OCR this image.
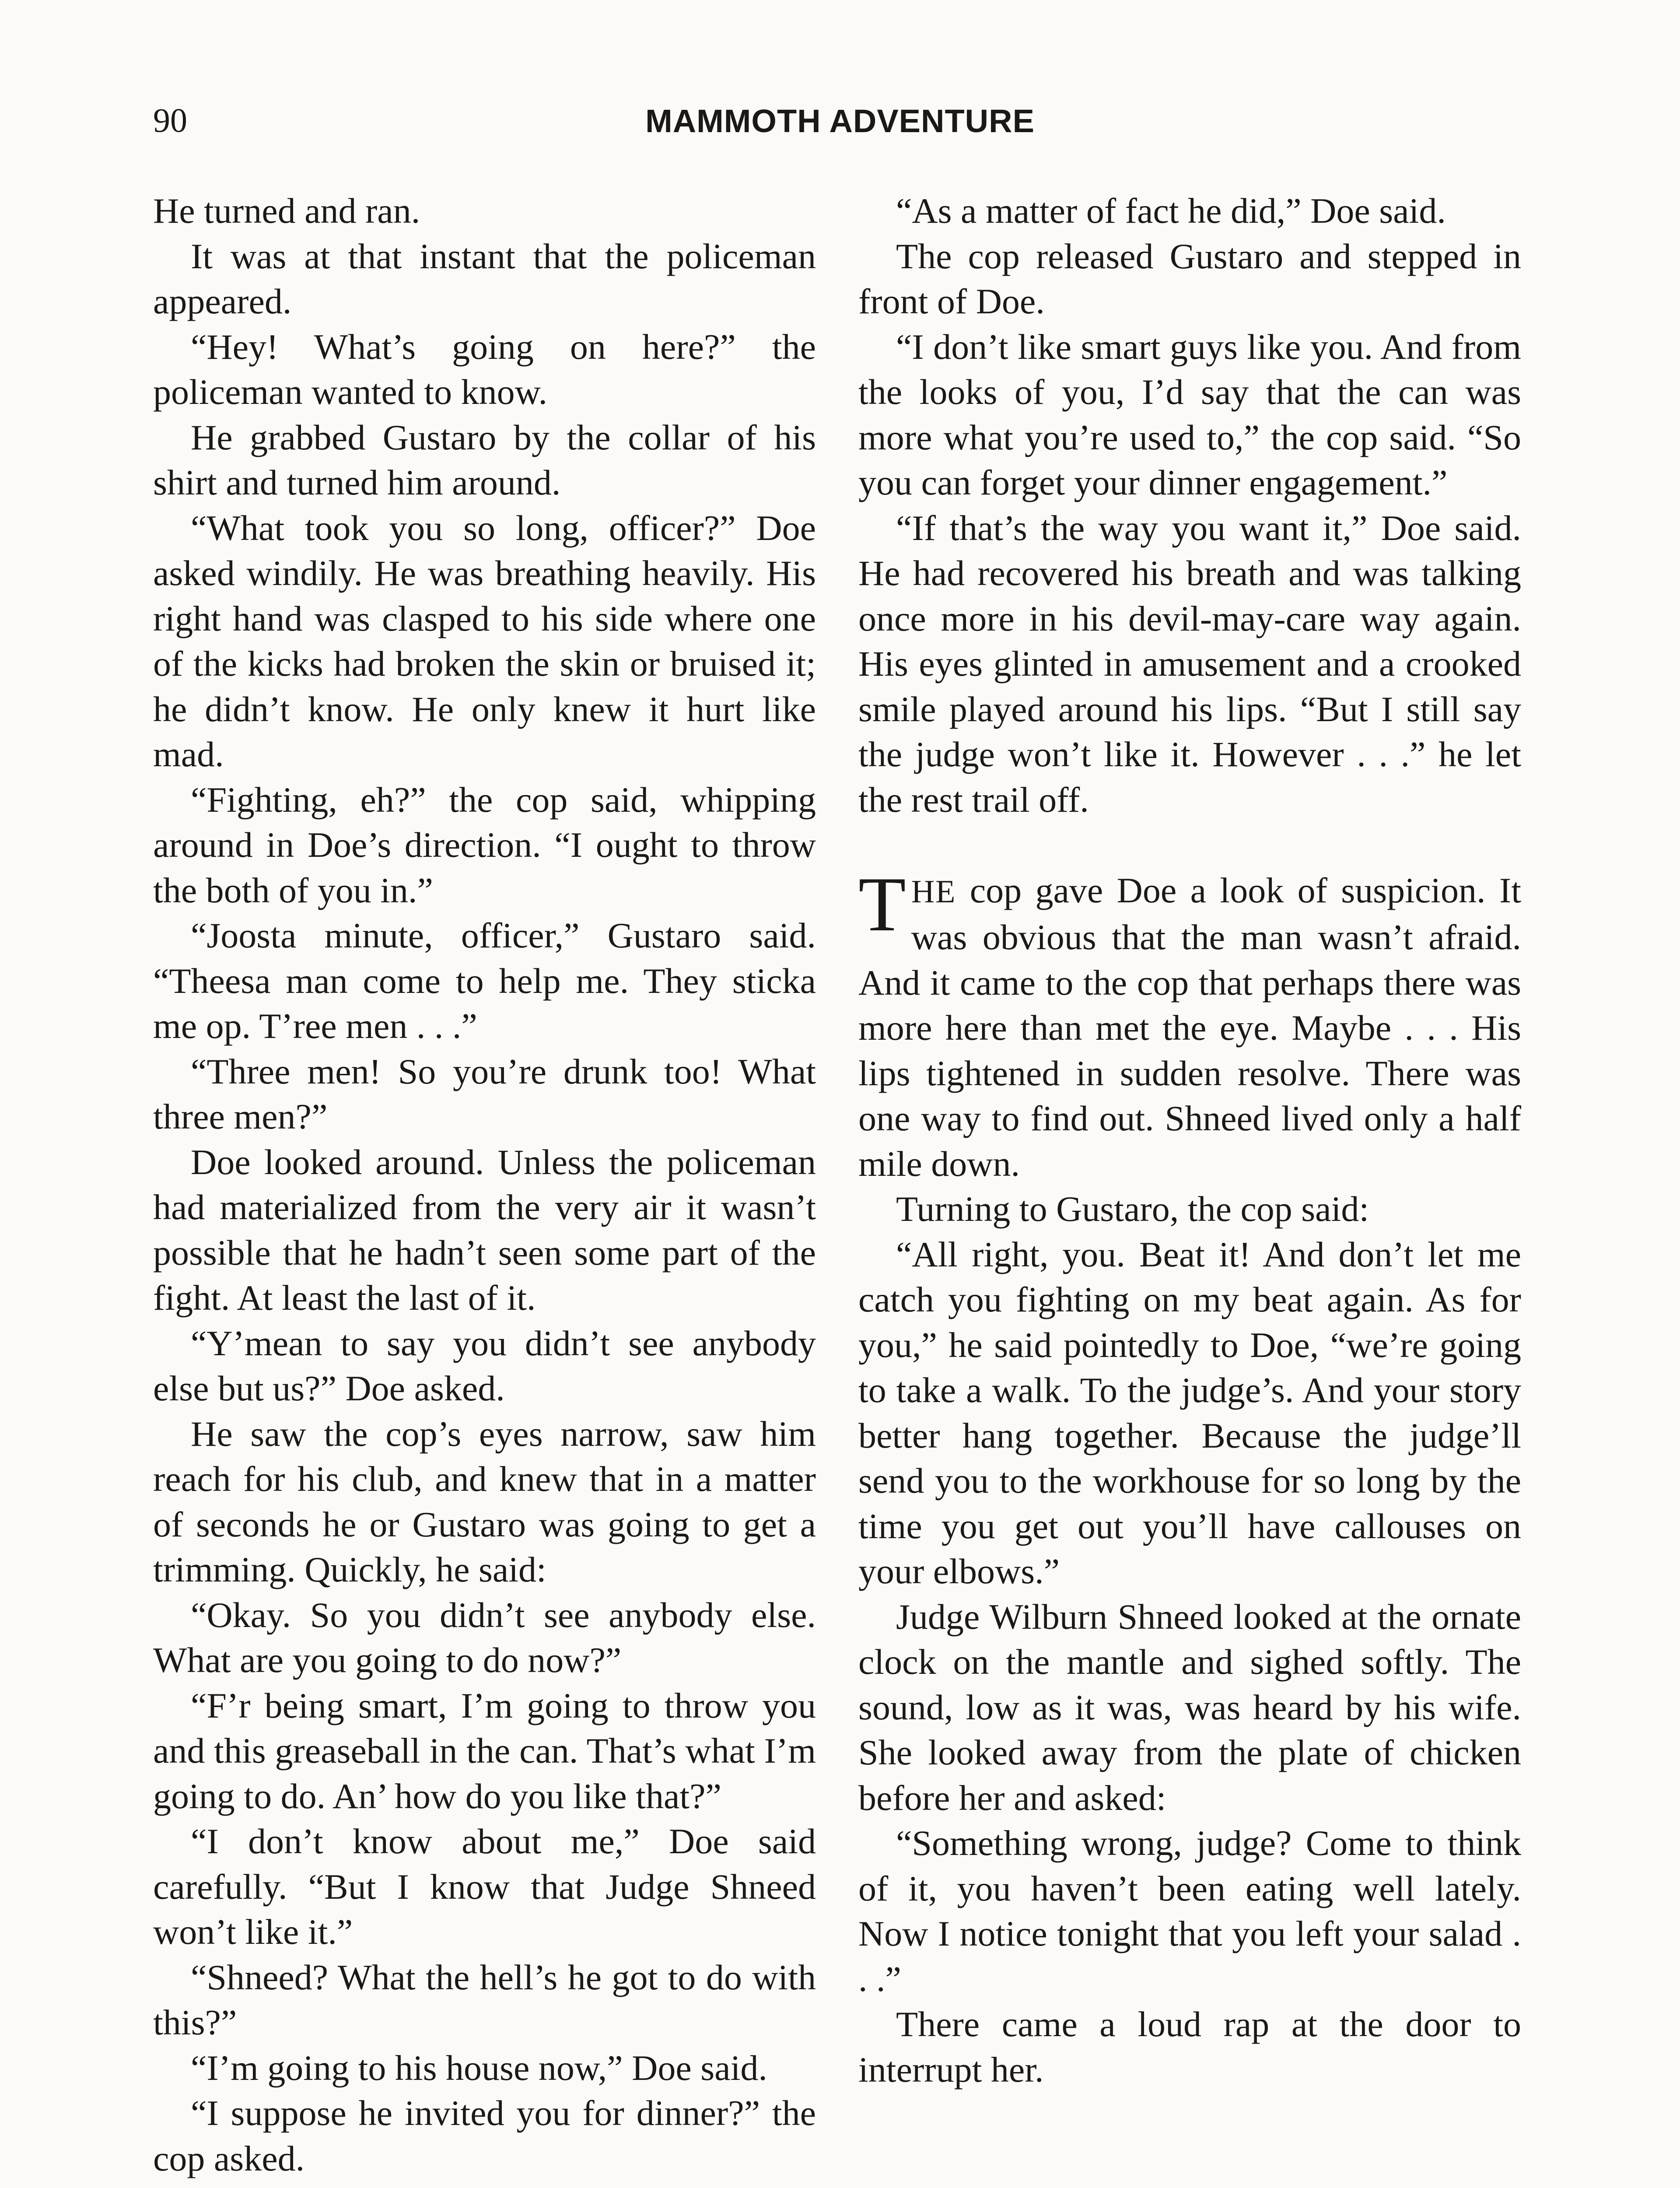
90	MAMMOTH ADVENTURE

He turned and ran.

It was at that instant that the policeman appeared.

“Hey! What’s going on here?” the policeman wanted to know.

He grabbed Gustaro by the collar of his shirt and turned him around.

“What took you so long, officer?” Doe asked windily. He was breathing heavily. His right hand was clasped to his side where one of the kicks had broken the skin or bruised it; he didn’t know. He only knew it hurt like mad.

“Fighting, eh?” the cop said, whipping around in Doe’s direction. “I ought to throw the both of you in.”

“Joosta minute, officer,” Gustaro said. “Theesa man come to help me. They sticka me op. T’ree men . . .”

“Three men! So you’re drunk too! What three men?”

Doe looked around. Unless the policeman had materialized from the very air it wasn’t possible that he hadn’t seen some part of the fight. At least the last of it.

“Y’mean to say you didn’t see anybody else but us?” Doe asked.

He saw the cop’s eyes narrow, saw him reach for his club, and knew that in a matter of seconds he or Gustaro was going to get a trimming. Quickly, he said:

“Okay. So you didn’t see anybody else. What are you going to do now?”

“F’r being smart, I’m going to throw you and this greaseball in the can. That’s what I’m going to do. An’ how do you like that?”

“I don’t know about me,” Doe said carefully. “But I know that Judge Shneed won’t like it.”

“Shneed? What the hell’s he got to do with this?”

“I’m going to his house now,” Doe said.

“I suppose he invited you for dinner?” the cop asked.

“As a matter of fact he did,” Doe said.

The cop released Gustaro and stepped in front of Doe.

“I don’t like smart guys like you. And from the looks of you, I’d say that the can was more what you’re used to,” the cop said. “So you can forget your dinner engagement.”

“If that’s the way you want it,” Doe said. He had recovered his breath and was talking once more in his devil-may-care way again. His eyes glinted in amusement and a crooked smile played around his lips. “But I still say the judge won’t like it. However . . .” he let the rest trail off.

THE cop gave Doe a look of suspicion. It was obvious that the man wasn’t afraid. And it came to the cop that perhaps there was more here than met the eye. Maybe . . . His lips tightened in sudden resolve. There was one way to find out. Shneed lived only a half mile down.

Turning to Gustaro, the cop said:

“All right, you. Beat it! And don’t let me catch you fighting on my beat again. As for you,” he said pointedly to Doe, “we’re going to take a walk. To the judge’s. And your story better hang together. Because the judge’ll send you to the workhouse for so long by the time you get out you’ll have callouses on your elbows.”

Judge Wilburn Shneed looked at the ornate clock on the mantle and sighed softly. The sound, low as it was, was heard by his wife. She looked away from the plate of chicken before her and asked:

“Something wrong, judge? Come to think of it, you haven’t been eating well lately. Now I notice tonight that you left your salad . . .”

There came a loud rap at the door to interrupt her.
